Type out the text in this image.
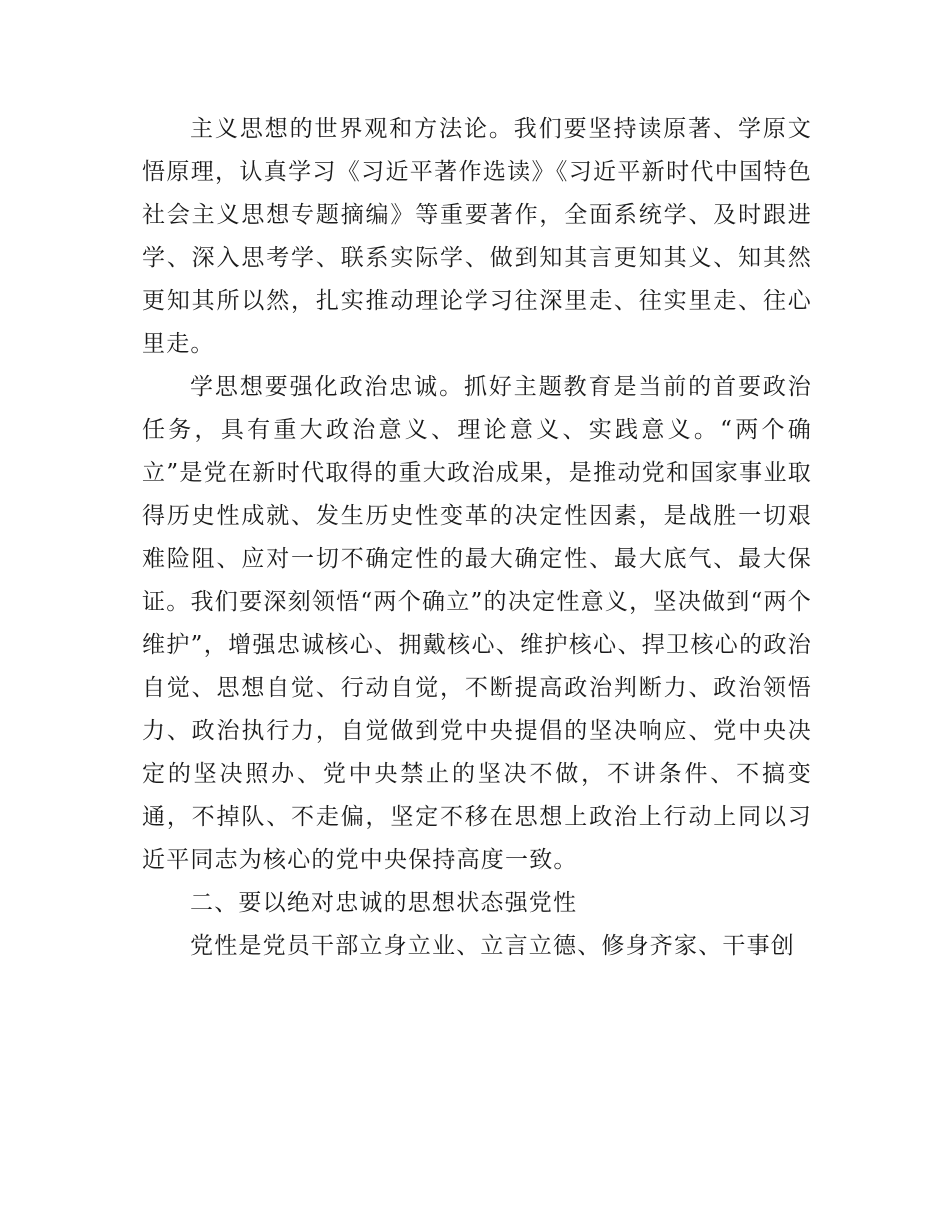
主义思想的世界观和方法论。我们要坚持读原著、学原文悟原理，认真学习《习近平著作选读》《习近平新时代中国特色社会主义思想专题摘编》等重要著作，全面系统学、及时跟进学、深入思考学、联系实际学、做到知其言更知其义、知其然更知其所以然，扎实推动理论学习往深里走、往实里走、往心里走。

学思想要强化政治忠诚。抓好主题教育是当前的首要政治任务，具有重大政治意义、理论意义、实践意义。“两个确立”是党在新时代取得的重大政治成果，是推动党和国家事业取得历史性成就、发生历史性变革的决定性因素，是战胜一切艰难险阻、应对一切不确定性的最大确定性、最大底气、最大保证。我们要深刻领悟“两个确立”的决定性意义，坚决做到“两个维护”，增强忠诚核心、拥戴核心、维护核心、捍卫核心的政治自觉、思想自觉、行动自觉，不断提高政治判断力、政治领悟力、政治执行力，自觉做到党中央提倡的坚决响应、党中央决定的坚决照办、党中央禁止的坚决不做，不讲条件、不搞变通，不掉队、不走偏，坚定不移在思想上政治上行动上同以习近平同志为核心的党中央保持高度一致。

二、要以绝对忠诚的思想状态强党性

党性是党员干部立身立业、立言立德、修身齐家、干事创
